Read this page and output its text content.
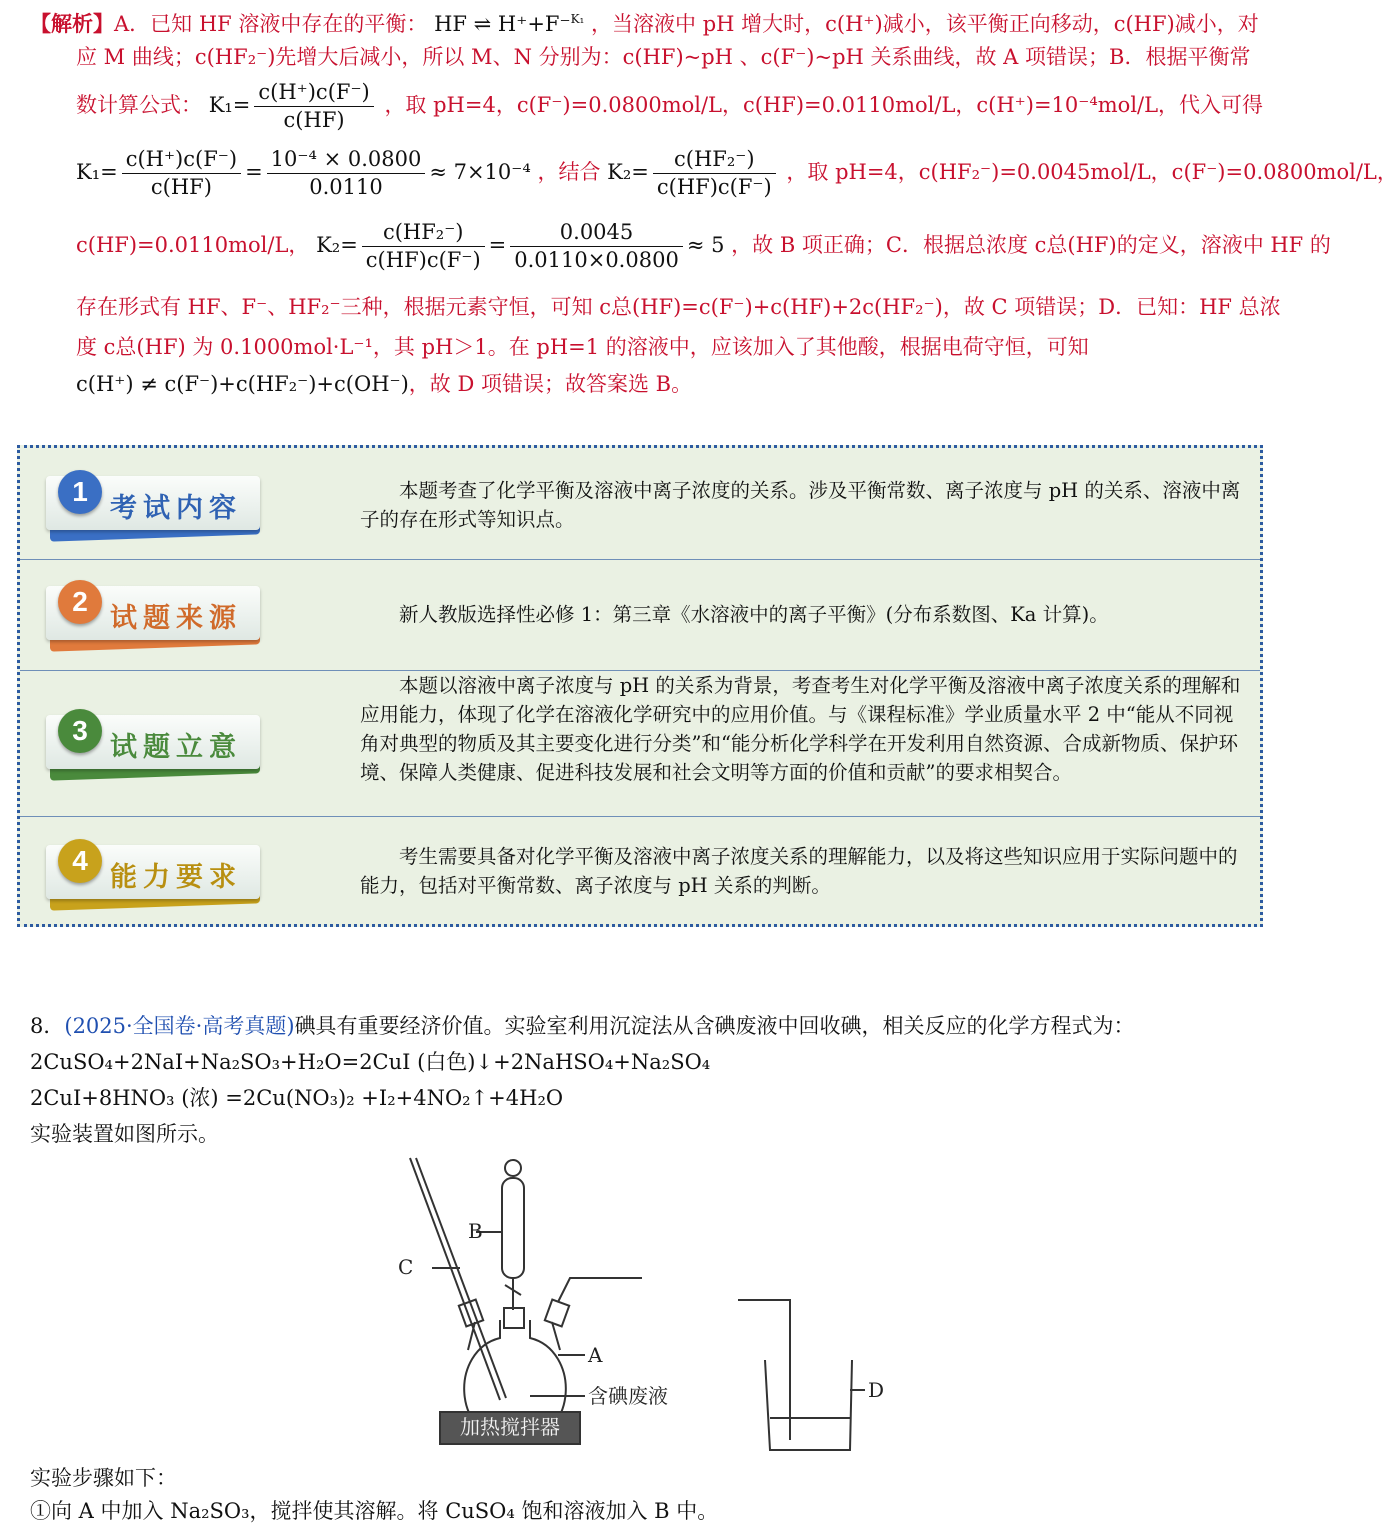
【解析】A．已知 HF 溶液中存在的平衡： HF ⇌ H⁺+F⁻$^{K_1}$ ，当溶液中 pH 增大时，c(H⁺)减小，该平衡正向移动，c(HF)减小，对
应 M 曲线；c(HF₂⁻)先增大后减小，所以 M、N 分别为：c(HF)~pH 、c(F⁻)~pH 关系曲线，故 A 项错误；B．根据平衡常
数计算公式： $K_1= \frac{c(H^+)c(F^-)}{c(HF)}$ ，取 pH=4，c(F⁻)=0.0800mol/L，c(HF)=0.0110mol/L，c(H⁺)=10⁻⁴mol/L，代入可得
$K_1= \frac{c(H^+)c(F^-)}{c(HF)} = \frac{\text{10⁻⁴ × 0.0800}}{0.0110} \approx 7\times 10^{-4}$ ，结合 $K_2= \frac{\text{c(HF₂⁻)}}{c(HF)c(F^-)}$ ，取 pH=4，c(HF₂⁻)=0.0045mol/L，c(F⁻)=0.0800mol/L，
c(HF)=0.0110mol/L， $K_2= \frac{\text{c(HF₂⁻)}}{c(HF)c(F^-)} = \frac{0.0045}{0.0110\times 0.0800} \approx 5$ ，故 B 项正确；C．根据总浓度 c总(HF)的定义，溶液中 HF 的
存在形式有 HF、F⁻、HF₂⁻三种，根据元素守恒，可知 c总(HF)=c(F⁻)+c(HF)+2c(HF₂⁻)，故 C 项错误；D．已知：HF 总浓
度 c总(HF) 为 0.1000mol·L⁻¹，其 pH＞1。在 pH=1 的溶液中，应该加入了其他酸，根据电荷守恒，可知
c(H⁺) ≠ c(F⁻)+c(HF₂⁻)+c(OH⁻)，故 D 项错误；故答案选 B。
1
考试内容
本题考查了化学平衡及溶液中离子浓度的关系。涉及平衡常数、离子浓度与 pH 的关系、溶液中离子的存在形式等知识点。
2
试题来源	新人教版选择性必修 1：第三章《水溶液中的离子平衡》(分布系数图、Ka 计算)。
3
试题立意
本题以溶液中离子浓度与 pH 的关系为背景，考查考生对化学平衡及溶液中离子浓度关系的理解和应用能力，体现了化学在溶液化学研究中的应用价值。与《课程标准》学业质量水平 2 中“能从不同视角对典型的物质及其主要变化进行分类”和“能分析化学科学在开发利用自然资源、合成新物质、保护环境、保障人类健康、促进科技发展和社会文明等方面的价值和贡献”的要求相契合。
4
能力要求
考生需要具备对化学平衡及溶液中离子浓度关系的理解能力，以及将这些知识应用于实际问题中的能力，包括对平衡常数、离子浓度与 pH 关系的判断。
8．(2025·全国卷·高考真题)碘具有重要经济价值。实验室利用沉淀法从含碘废液中回收碘，相关反应的化学方程式为：
2CuSO₄+2NaI+Na₂SO₃+H₂O=2CuI (白色)↓+2NaHSO₄+Na₂SO₄
2CuI+8HNO₃ (浓) =2Cu(NO₃)₂ +I₂+4NO₂↑+4H₂O
实验装置如图所示。
C
B
A
含碘废液
加热搅拌器
D
实验步骤如下：
①向 A 中加入 Na₂SO₃，搅拌使其溶解。将 CuSO₄ 饱和溶液加入 B 中。
